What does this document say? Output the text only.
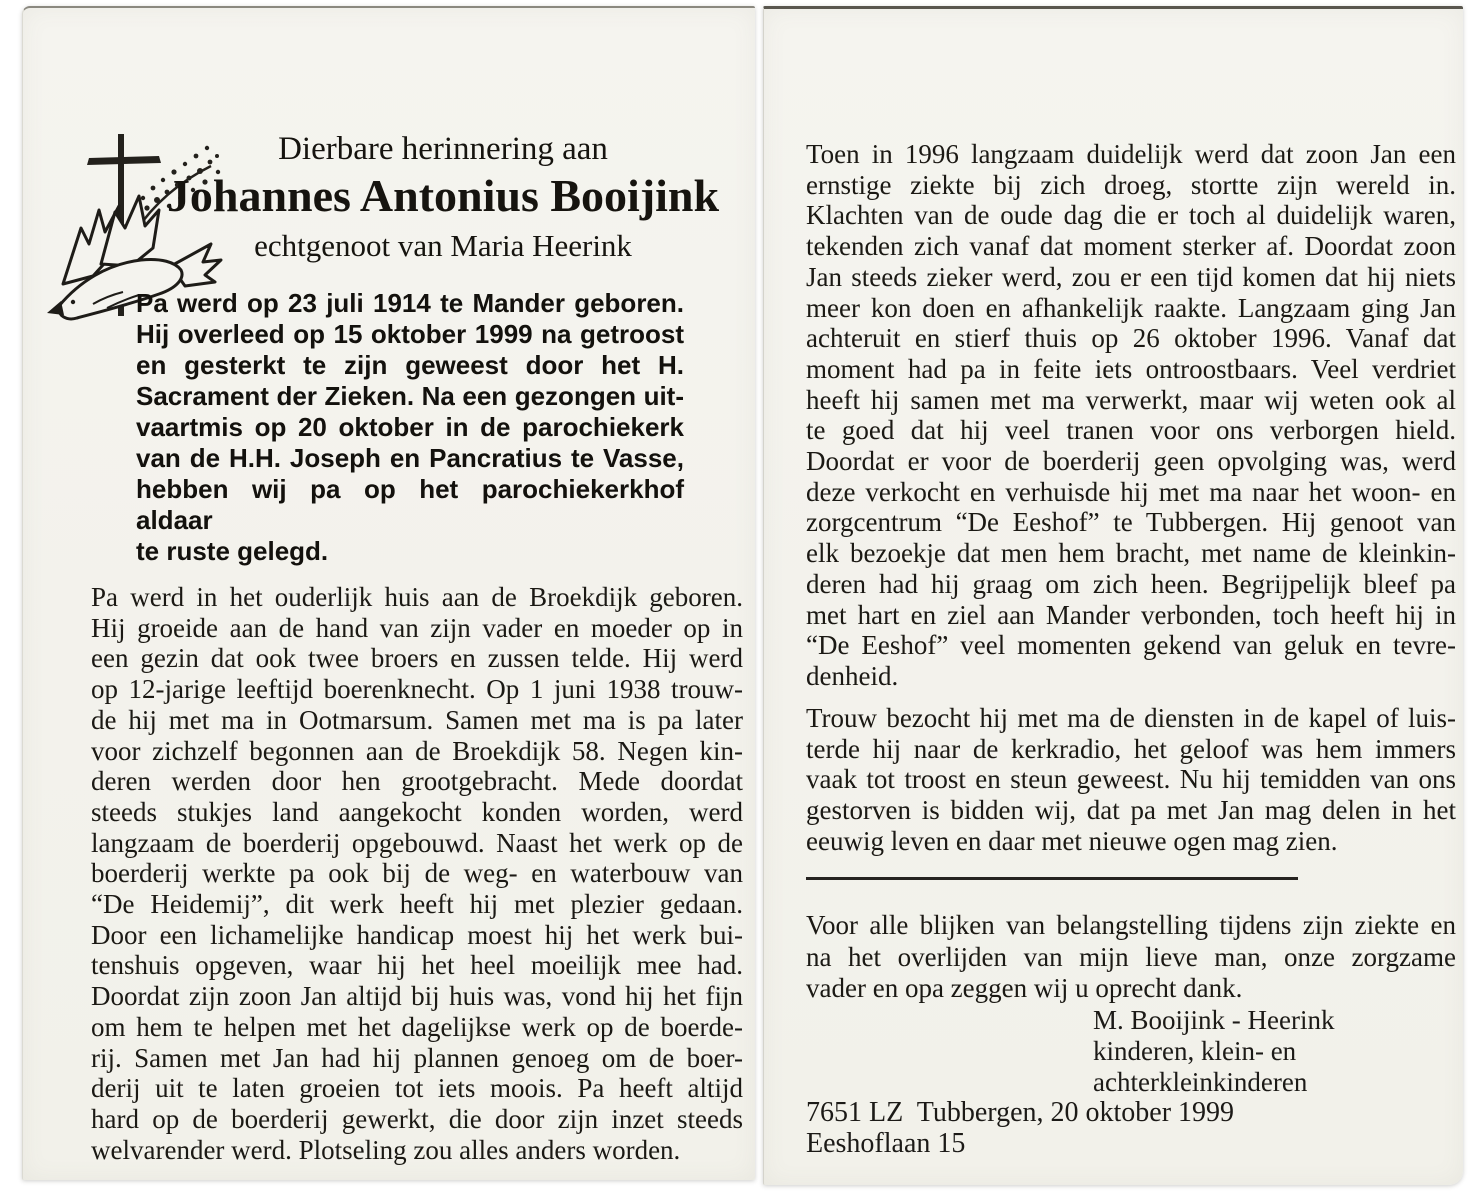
Dierbare herinnering aan
Johannes Antonius Booijink
echtgenoot van Maria Heerink
Pa werd op 23 juli 1914 te Mander geboren.
Hij overleed op 15 oktober 1999 na getroost
en gesterkt te zijn geweest door het H.
Sacrament der Zieken. Na een gezongen uit-
vaartmis op 20 oktober in de parochiekerk
van de H.H. Joseph en Pancratius te Vasse,
hebben wij pa op het parochiekerkhof aldaar
te ruste gelegd.
Pa werd in het ouderlijk huis aan de Broekdijk geboren.
Hij groeide aan de hand van zijn vader en moeder op in
een gezin dat ook twee broers en zussen telde. Hij werd
op 12-jarige leeftijd boerenknecht. Op 1 juni 1938 trouw-
de hij met ma in Ootmarsum. Samen met ma is pa later
voor zichzelf begonnen aan de Broekdijk 58. Negen kin-
deren werden door hen grootgebracht. Mede doordat
steeds stukjes land aangekocht konden worden, werd
langzaam de boerderij opgebouwd. Naast het werk op de
boerderij werkte pa ook bij de weg- en waterbouw van
“De Heidemij”, dit werk heeft hij met plezier gedaan.
Door een lichamelijke handicap moest hij het werk bui-
tenshuis opgeven, waar hij het heel moeilijk mee had.
Doordat zijn zoon Jan altijd bij huis was, vond hij het fijn
om hem te helpen met het dagelijkse werk op de boerde-
rij. Samen met Jan had hij plannen genoeg om de boer-
derij uit te laten groeien tot iets moois. Pa heeft altijd
hard op de boerderij gewerkt, die door zijn inzet steeds
welvarender werd. Plotseling zou alles anders worden.
Toen in 1996 langzaam duidelijk werd dat zoon Jan een
ernstige ziekte bij zich droeg, stortte zijn wereld in.
Klachten van de oude dag die er toch al duidelijk waren,
tekenden zich vanaf dat moment sterker af. Doordat zoon
Jan steeds zieker werd, zou er een tijd komen dat hij niets
meer kon doen en afhankelijk raakte. Langzaam ging Jan
achteruit en stierf thuis op 26 oktober 1996. Vanaf dat
moment had pa in feite iets ontroostbaars. Veel verdriet
heeft hij samen met ma verwerkt, maar wij weten ook al
te goed dat hij veel tranen voor ons verborgen hield.
Doordat er voor de boerderij geen opvolging was, werd
deze verkocht en verhuisde hij met ma naar het woon- en
zorgcentrum “De Eeshof” te Tubbergen. Hij genoot van
elk bezoekje dat men hem bracht, met name de kleinkin-
deren had hij graag om zich heen. Begrijpelijk bleef pa
met hart en ziel aan Mander verbonden, toch heeft hij in
“De Eeshof” veel momenten gekend van geluk en tevre-
denheid.
Trouw bezocht hij met ma de diensten in de kapel of luis-
terde hij naar de kerkradio, het geloof was hem immers
vaak tot troost en steun geweest. Nu hij temidden van ons
gestorven is bidden wij, dat pa met Jan mag delen in het
eeuwig leven en daar met nieuwe ogen mag zien.
Voor alle blijken van belangstelling tijdens zijn ziekte en
na het overlijden van mijn lieve man, onze zorgzame
vader en opa zeggen wij u oprecht dank.
M. Booijink - Heerink
kinderen, klein- en
achterkleinkinderen
7651 LZ  Tubbergen, 20 oktober 1999
Eeshoflaan 15
